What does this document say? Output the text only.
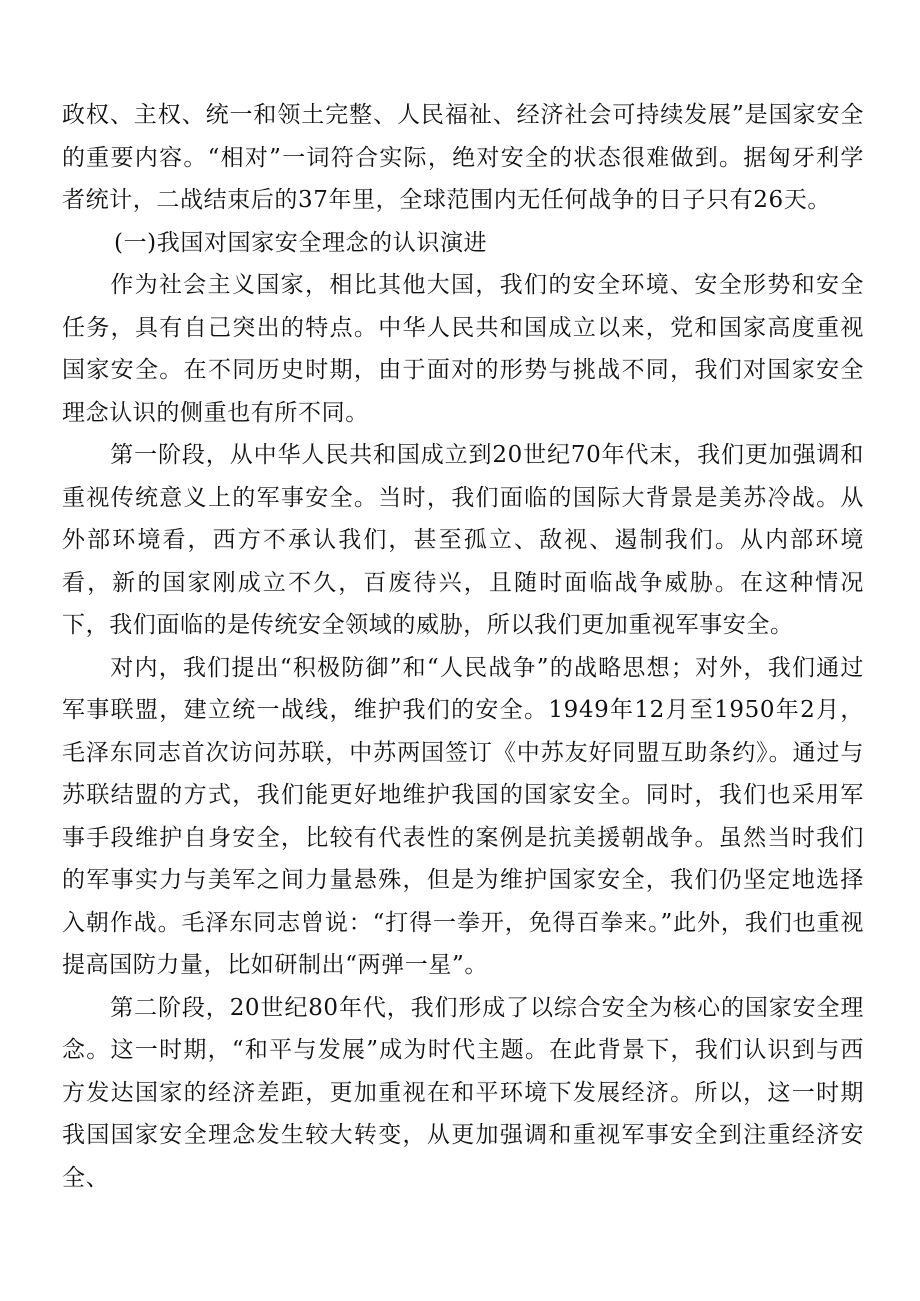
政权、主权、统一和领土完整、人民福祉、经济社会可持续发展”是国家安全的重要内容。“相对”一词符合实际，绝对安全的状态很难做到。据匈牙利学者统计，二战结束后的37年里，全球范围内无任何战争的日子只有26天。

(一)我国对国家安全理念的认识演进

作为社会主义国家，相比其他大国，我们的安全环境、安全形势和安全任务，具有自己突出的特点。中华人民共和国成立以来，党和国家高度重视国家安全。在不同历史时期，由于面对的形势与挑战不同，我们对国家安全理念认识的侧重也有所不同。

第一阶段，从中华人民共和国成立到20世纪70年代末，我们更加强调和重视传统意义上的军事安全。当时，我们面临的国际大背景是美苏冷战。从外部环境看，西方不承认我们，甚至孤立、敌视、遏制我们。从内部环境看，新的国家刚成立不久，百废待兴，且随时面临战争威胁。在这种情况下，我们面临的是传统安全领域的威胁，所以我们更加重视军事安全。

对内，我们提出“积极防御”和“人民战争”的战略思想；对外，我们通过军事联盟，建立统一战线，维护我们的安全。1949年12月至1950年2月，毛泽东同志首次访问苏联，中苏两国签订《中苏友好同盟互助条约》。通过与苏联结盟的方式，我们能更好地维护我国的国家安全。同时，我们也采用军事手段维护自身安全，比较有代表性的案例是抗美援朝战争。虽然当时我们的军事实力与美军之间力量悬殊，但是为维护国家安全，我们仍坚定地选择入朝作战。毛泽东同志曾说：“打得一拳开，免得百拳来。”此外，我们也重视提高国防力量，比如研制出“两弹一星”。

第二阶段，20世纪80年代，我们形成了以综合安全为核心的国家安全理念。这一时期，“和平与发展”成为时代主题。在此背景下，我们认识到与西方发达国家的经济差距，更加重视在和平环境下发展经济。所以，这一时期我国国家安全理念发生较大转变，从更加强调和重视军事安全到注重经济安全、
